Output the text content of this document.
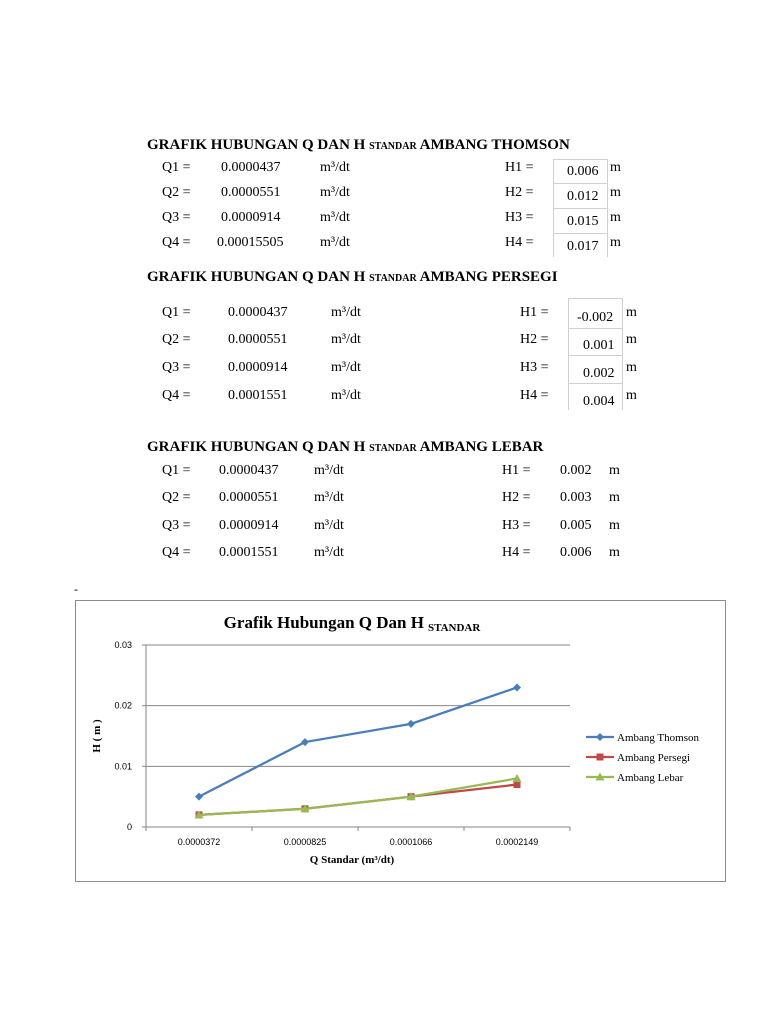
GRAFIK HUBUNGAN Q DAN H STANDAR AMBANG THOMSON
Q1 = 0.0000437	m³/dt	H1 = 0.006 m
Q2 = 0.0000551	m³/dt	H2 = 0.012 m
Q3 = 0.0000914	m³/dt	H3 = 0.015 m
Q4 = 0.00015505	m³/dt	H4 = 0.017 m
GRAFIK HUBUNGAN Q DAN H STANDAR AMBANG PERSEGI
Q1 =	0.0000437	m³/dt	H1 = -0.002 m
Q2 =	0.0000551	m³/dt	H2 = 0.001 m
Q3 =	0.0000914	m³/dt	H3 = 0.002 m
Q4 =	0.0001551	m³/dt	H4 = 0.004 m
GRAFIK HUBUNGAN Q DAN H STANDAR AMBANG LEBAR
Q1 = 0.0000437	m³/dt	H1 = 0.002 m
Q2 = 0.0000551	m³/dt	H2 = 0.003 m
Q3 = 0.0000914	m³/dt	H3 = 0.005 m
Q4 = 0.0001551	m³/dt	H4 = 0.006 m
-
0
0.01
0.02
0.03
0.0000372	0.0000825	0.0001066	0.0002149
Grafik Hubungan Q Dan H STANDAR
Q Standar (m³/dt)
H ( m )	Ambang Thomson
Ambang Persegi
Ambang Lebar
